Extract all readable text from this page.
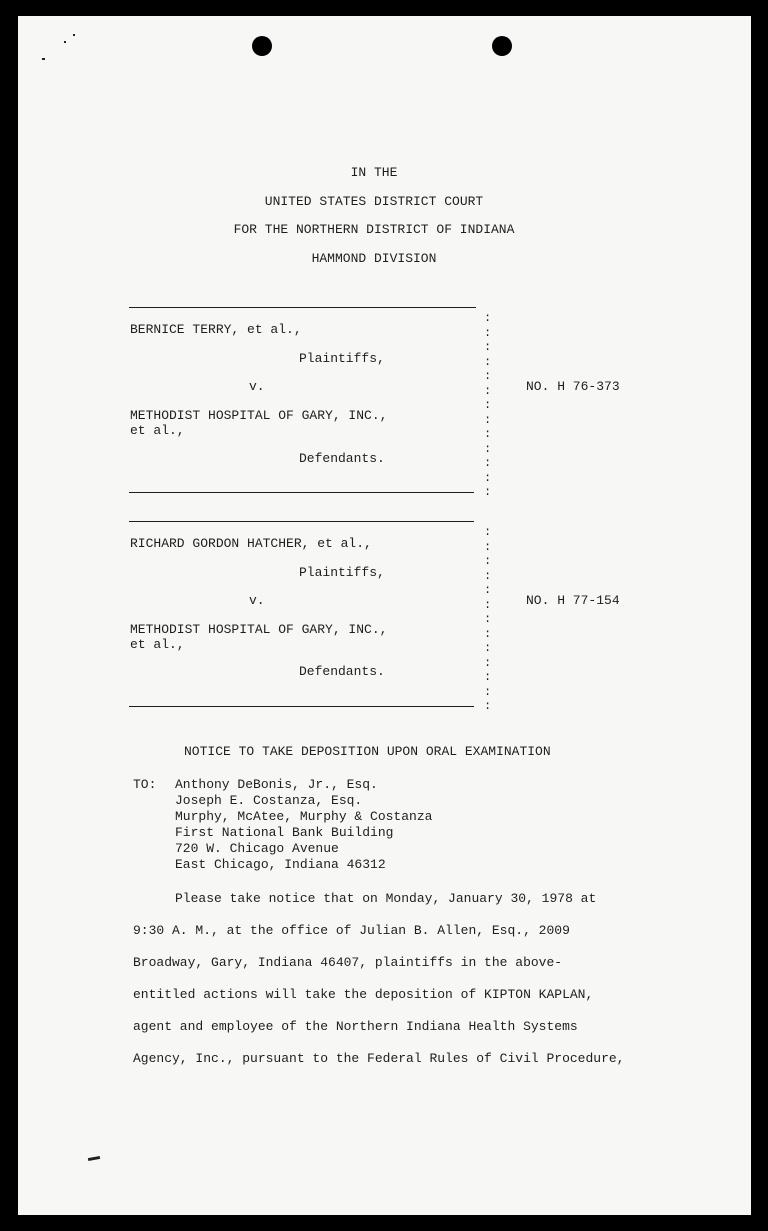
IN THE
UNITED STATES DISTRICT COURT
FOR THE NORTHERN DISTRICT OF INDIANA
HAMMOND DIVISION
:
:
:
:
:
:
:
:
:
:
:
:
:
BERNICE TERRY, et al.,
Plaintiffs,
v.	NO. H 76-373
METHODIST HOSPITAL OF GARY, INC.,
et al.,
Defendants.
:
:
:
:
:
:
:
:
:
:
:
:
:
RICHARD GORDON HATCHER, et al.,
Plaintiffs,
v.	NO. H 77-154
METHODIST HOSPITAL OF GARY, INC.,
et al.,
Defendants.
NOTICE TO TAKE DEPOSITION UPON ORAL EXAMINATION
TO: Anthony DeBonis, Jr., Esq.
Joseph E. Costanza, Esq.
Murphy, McAtee, Murphy & Costanza
First National Bank Building
720 W. Chicago Avenue
East Chicago, Indiana 46312
Please take notice that on Monday, January 30, 1978 at
9:30 A. M., at the office of Julian B. Allen, Esq., 2009
Broadway, Gary, Indiana 46407, plaintiffs in the above-
entitled actions will take the deposition of KIPTON KAPLAN,
agent and employee of the Northern Indiana Health Systems
Agency, Inc., pursuant to the Federal Rules of Civil Procedure,
